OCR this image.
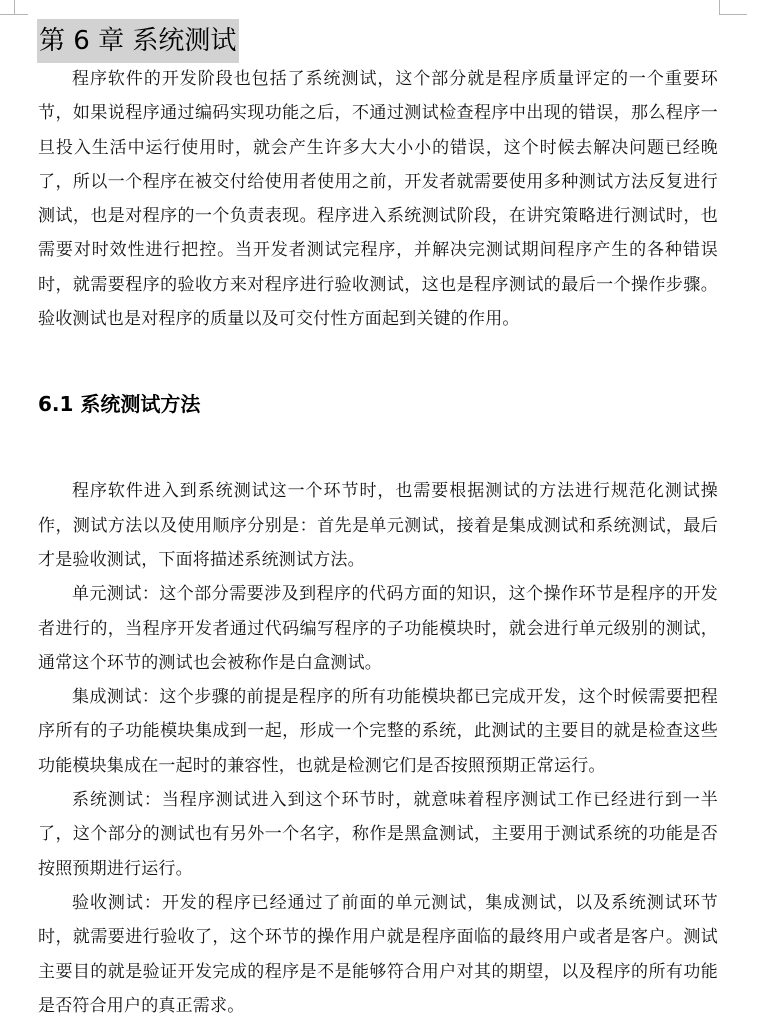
第 6 章 系统测试

程序软件的开发阶段也包括了系统测试，这个部分就是程序质量评定的一个重要环节，如果说程序通过编码实现功能之后，不通过测试检查程序中出现的错误，那么程序一旦投入生活中运行使用时，就会产生许多大大小小的错误，这个时候去解决问题已经晚了，所以一个程序在被交付给使用者使用之前，开发者就需要使用多种测试方法反复进行测试，也是对程序的一个负责表现。程序进入系统测试阶段，在讲究策略进行测试时，也需要对时效性进行把控。当开发者测试完程序，并解决完测试期间程序产生的各种错误时，就需要程序的验收方来对程序进行验收测试，这也是程序测试的最后一个操作步骤。验收测试也是对程序的质量以及可交付性方面起到关键的作用。

6.1 系统测试方法

程序软件进入到系统测试这一个环节时，也需要根据测试的方法进行规范化测试操作，测试方法以及使用顺序分别是：首先是单元测试，接着是集成测试和系统测试，最后才是验收测试，下面将描述系统测试方法。

单元测试：这个部分需要涉及到程序的代码方面的知识，这个操作环节是程序的开发者进行的，当程序开发者通过代码编写程序的子功能模块时，就会进行单元级别的测试，通常这个环节的测试也会被称作是白盒测试。

集成测试：这个步骤的前提是程序的所有功能模块都已完成开发，这个时候需要把程序所有的子功能模块集成到一起，形成一个完整的系统，此测试的主要目的就是检查这些功能模块集成在一起时的兼容性，也就是检测它们是否按照预期正常运行。

系统测试：当程序测试进入到这个环节时，就意味着程序测试工作已经进行到一半了，这个部分的测试也有另外一个名字，称作是黑盒测试，主要用于测试系统的功能是否按照预期进行运行。

验收测试：开发的程序已经通过了前面的单元测试，集成测试，以及系统测试环节时，就需要进行验收了，这个环节的操作用户就是程序面临的最终用户或者是客户。测试主要目的就是验证开发完成的程序是不是能够符合用户对其的期望，以及程序的所有功能是否符合用户的真正需求。
